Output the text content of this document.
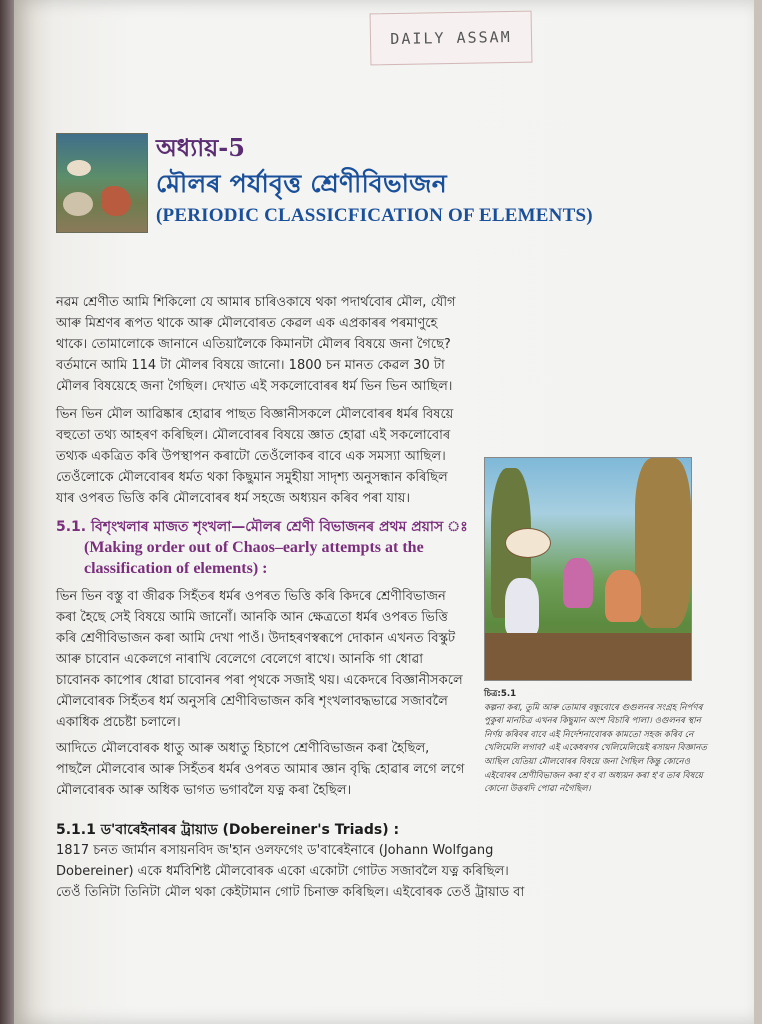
DAILY ASSAM
অধ্যায়-5
মৌলৰ পৰ্যাবৃত্ত শ্ৰেণীবিভাজন
(PERIODIC CLASSICFICATION OF ELEMENTS)
নৱম শ্ৰেণীত আমি শিকিলো যে আমাৰ চাৰিওকাষে থকা পদাৰ্থবোৰ মৌল, যৌগ আৰু মিশ্ৰণৰ ৰূপত থাকে আৰু মৌলবোৰত কেৱল এক এপ্ৰকাৰৰ পৰমাণুহে থাকে। তোমালোকে জানানে এতিয়ালৈকে কিমানটা মৌলৰ বিষয়ে জনা গৈছে? বৰ্তমানে আমি 114 টা মৌলৰ বিষয়ে জানো। 1800 চন মানত কেৱল 30 টা মৌলৰ বিষয়েহে জনা গৈছিল। দেখাত এই সকলোবোৰৰ ধৰ্ম ভিন ভিন আছিল।
ভিন ভিন মৌল আৱিষ্কাৰ হোৱাৰ পাছত বিজ্ঞানীসকলে মৌলবোৰৰ ধৰ্মৰ বিষয়ে বহুতো তথ্য আহৰণ কৰিছিল। মৌলবোৰৰ বিষয়ে জ্ঞাত হোৱা এই সকলোবোৰ তথ্যক একত্ৰিত কৰি উপস্থাপন কৰাটো তেওঁলোকৰ বাবে এক সমস্যা আছিল। তেওঁলোকে মৌলবোৰৰ ধৰ্মত থকা কিছুমান সমুহীয়া সাদৃশ্য অনুসন্ধান কৰিছিল যাৰ ওপৰত ভিত্তি কৰি মৌলবোৰৰ ধৰ্ম সহজে অধ্যয়ন কৰিব পৰা যায়।
5.1. বিশৃংখলাৰ মাজত শৃংখলা—মৌলৰ শ্ৰেণী বিভাজনৰ প্ৰথম প্ৰয়াস ঃ
(Making order out of Chaos–early attempts at the classification of elements) :
ভিন ভিন বস্তু বা জীৱক সিহঁতৰ ধৰ্মৰ ওপৰত ভিত্তি কৰি কিদৰে শ্ৰেণীবিভাজন কৰা হৈছে সেই বিষয়ে আমি জানোঁ। আনকি আন ক্ষেত্ৰতো ধৰ্মৰ ওপৰত ভিত্তি কৰি শ্ৰেণীবিভাজন কৰা আমি দেখা পাওঁ। উদাহৰণস্বৰূপে দোকান এখনত বিস্কুট আৰু চাবোন একেলগে নাৰাখি বেলেগে বেলেগে ৰাখে। আনকি গা ধোৱা চাবোনক কাপোৰ ধোৱা চাবোনৰ পৰা পৃথকে সজাই থয়। একেদৰে বিজ্ঞানীসকলে মৌলবোৰক সিহঁতৰ ধৰ্ম অনুসৰি শ্ৰেণীবিভাজন কৰি শৃংখলাবদ্ধভাৱে সজাবলৈ একাধিক প্ৰচেষ্টা চলালে।
আদিতে মৌলবোৰক ধাতু আৰু অধাতু হিচাপে শ্ৰেণীবিভাজন কৰা হৈছিল, পাছলৈ মৌলবোৰ আৰু সিহঁতৰ ধৰ্মৰ ওপৰত আমাৰ জ্ঞান বৃদ্ধি হোৱাৰ লগে লগে মৌলবোৰক আৰু অধিক ভাগত ভগাবলৈ যত্ন কৰা হৈছিল।
5.1.1 ড'বাৰেইনাৰৰ ট্ৰায়াড (Dobereiner's Triads) :
1817 চনত জাৰ্মান ৰসায়নবিদ জ'হান ওলফগেং ড'বাৰেইনাৰে (Johann Wolfgang Dobereiner) একে ধৰ্মবিশিষ্ট মৌলবোৰক একো একোটা গোটত সজাবলৈ যত্ন কৰিছিল। তেওঁ তিনিটা তিনিটা মৌল থকা কেইটামান গোট চিনাক্ত কৰিছিল। এইবোৰক তেওঁ ট্ৰায়াড বা
চিত্ৰ:5.1
কল্পনা কৰা, তুমি আৰু তোমাৰ বন্ধুবোৰে গুগুলনৰ সংগ্ৰহ নিৰ্পণৰ পুকুৰা মানচিত্ৰ এখনৰ কিছুমান অংশ বিচাৰি পালা। ওগুলনৰ স্থান নিৰ্ণয় কৰিবৰ বাবে এই নিৰ্দেশনাবোৰক কামতো সহজ কৰিব নে খেলিমেলি লগাব? এই একেধৰণৰ খেলিমেলিয়েই ৰসায়ন বিজ্ঞানত আছিল যেতিয়া মৌলবোৰৰ বিষয়ে জনা গৈছিল কিন্তু কোনেও এইবোৰৰ শ্ৰেণীবিভাজন কৰা হ'ব বা অধ্যয়ন কৰা হ'ব তাৰ বিষয়ে কোনো উত্তৰদি পোৱা নগৈছিল।
